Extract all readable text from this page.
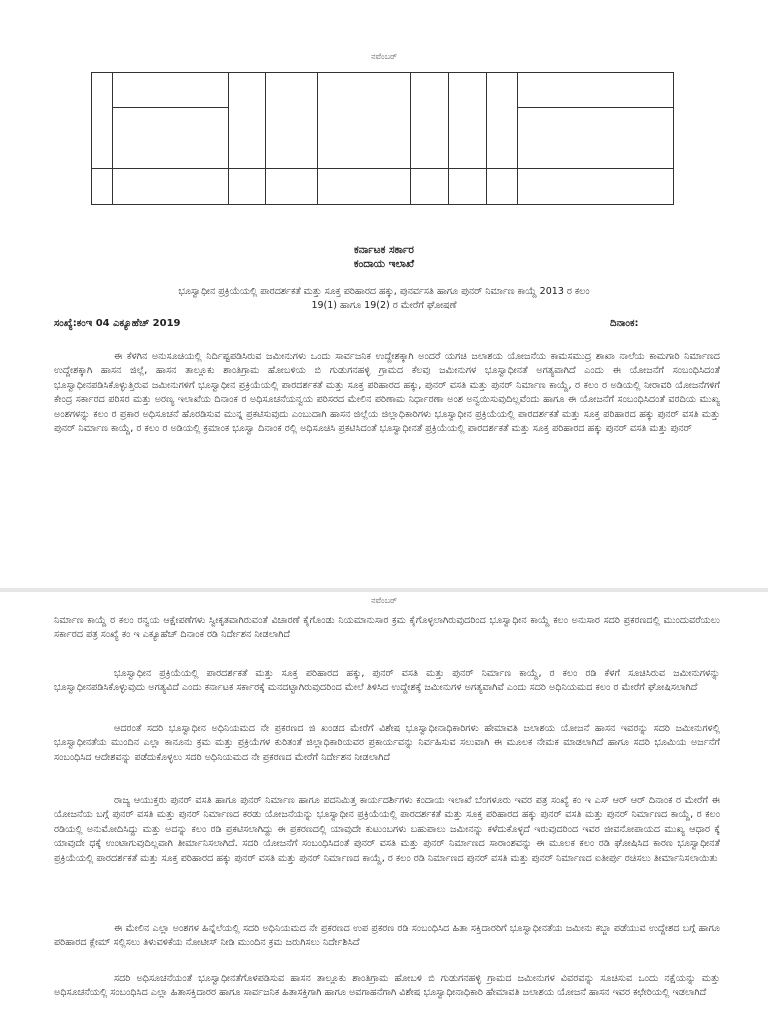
ನವೆಂಬರ್
ಕರ್ನಾಟಕ ಸರ್ಕಾರ
ಕಂದಾಯ ಇಲಾಖೆ
ಭೂಸ್ವಾಧೀನ ಪ್ರಕ್ರಿಯೆಯಲ್ಲಿ ಪಾರದರ್ಶಕತೆ ಮತ್ತು ಸೂಕ್ತ ಪರಿಹಾರದ ಹಕ್ಕು, ಪುನರ್ವಸತಿ ಹಾಗೂ ಪುನರ್ ನಿರ್ಮಾಣ ಕಾಯ್ದೆ 2013 ರ ಕಲಂ
19(1) ಹಾಗೂ 19(2) ರ ಮೇರೆಗೆ ಘೋಷಣೆ
ಸಂಖ್ಯೆ:ಕಂಇ 04 ಎಕ್ಯೂಹೆಚ್ 2019	ದಿನಾಂಕ:

ಈ ಕೆಳಗಿನ ಅನುಸೂಚಿಯಲ್ಲಿ ನಿರ್ದಿಷ್ಟಪಡಿಸಿರುವ ಜಮೀನುಗಳು ಒಂದು ಸಾರ್ವಜನಿಕ ಉದ್ದೇಶಕ್ಕಾಗಿ ಅಂದರೆ ಯಗಚಿ ಜಲಾಶಯ ಯೋಜನೆಯ ಕಾಮಸಮುದ್ರ ಶಾಖಾ ನಾಲೆಯ ಕಾಮಗಾರಿ ನಿರ್ಮಾಣದ ಉದ್ದೇಶಕ್ಕಾಗಿ ಹಾಸನ ಜಿಲ್ಲೆ, ಹಾಸನ ತಾಲ್ಲೂಕು ಶಾಂತಿಗ್ರಾಮ ಹೋಬಳಿಯ ಬಿ ಗುಡುಗನಹಳ್ಳಿ ಗ್ರಾಮದ ಕೆಲವು ಜಮೀನುಗಳ ಭೂಸ್ವಾಧೀನತೆ ಅಗತ್ಯವಾಗಿದೆ ಎಂದು ಈ ಯೋಜನೆಗೆ ಸಂಬಂಧಿಸಿದಂತೆ ಭೂಸ್ವಾಧೀನಪಡಿಸಿಕೊಳ್ಳುತ್ತಿರುವ ಜಮೀನುಗಳಿಗೆ ಭೂಸ್ವಾಧೀನ ಪ್ರಕ್ರಿಯೆಯಲ್ಲಿ ಪಾರದರ್ಶಕತೆ ಮತ್ತು ಸೂಕ್ತ ಪರಿಹಾರದ ಹಕ್ಕು, ಪುನರ್ ವಸತಿ ಮತ್ತು ಪುನರ್ ನಿರ್ಮಾಣ ಕಾಯ್ದೆ, ರ ಕಲಂ ರ ಅಡಿಯಲ್ಲಿ ನೀರಾವರಿ ಯೋಜನೆಗಳಿಗೆ ಕೇಂದ್ರ ಸರ್ಕಾರದ ಪರಿಸರ ಮತ್ತು ಅರಣ್ಯ ಇಲಾಖೆಯ ದಿನಾಂಕ ರ ಅಧಿಸೂಚನೆಯನ್ವಯ ಪರಿಸರದ ಮೇಲಿನ ಪರಿಣಾಮ ನಿರ್ಧಾರಣಾ ಅಂಶ ಅನ್ವಯಿಸುವುದಿಲ್ಲವೆಂದು ಹಾಗೂ ಈ ಯೋಜನೆಗೆ ಸಂಬಂಧಿಸಿದಂತೆ ವರದಿಯ ಮುಖ್ಯ ಅಂಶಗಳನ್ನು ಕಲಂ ರ ಪ್ರಕಾರ ಅಧಿಸೂಚನೆ ಹೊರಡಿಸುವ ಮುನ್ನ ಪ್ರಕಟಿಸುವುದು ಎಂಬುದಾಗಿ ಹಾಸನ ಜಿಲ್ಲೆಯ ಜಿಲ್ಲಾಧಿಕಾರಿಗಳು ಭೂಸ್ವಾಧೀನ ಪ್ರಕ್ರಿಯೆಯಲ್ಲಿ ಪಾರದರ್ಶಕತೆ ಮತ್ತು ಸೂಕ್ತ ಪರಿಹಾರದ ಹಕ್ಕು ಪುನರ್ ವಸತಿ ಮತ್ತು ಪುನರ್ ನಿರ್ಮಾಣ ಕಾಯ್ದೆ, ರ ಕಲಂ ರ ಅಡಿಯಲ್ಲಿ ಕ್ರಮಾಂಕ ಭೂಸ್ವಾ ದಿನಾಂಕ ರಲ್ಲಿ ಅಧಿಸೂಚಿಸಿ ಪ್ರಕಟಿಸಿದಂತೆ ಭೂಸ್ವಾಧೀನತೆ ಪ್ರಕ್ರಿಯೆಯಲ್ಲಿ ಪಾರದರ್ಶಕತೆ ಮತ್ತು ಸೂಕ್ತ ಪರಿಹಾರದ ಹಕ್ಕು ಪುನರ್ ವಸತಿ ಮತ್ತು ಪುನರ್

ನವೆಂಬರ್

ನಿರ್ಮಾಣ ಕಾಯ್ದೆ ರ ಕಲಂ ರನ್ವಯ ಆಕ್ಷೇಪಣೆಗಳು ಸ್ವೀಕೃತವಾಗಿರುವಂತೆ ವಿಚಾರಣೆ ಕೈಗೊಂಡು ನಿಯಮಾನುಸಾರ ಕ್ರಮ ಕೈಗೊಳ್ಳಲಾಗಿರುವುದರಿಂದ ಭೂಸ್ವಾಧೀನ ಕಾಯ್ದೆ ಕಲಂ ಅನುಸಾರ ಸದರಿ ಪ್ರಕರಣದಲ್ಲಿ ಮುಂದುವರೆಯಲು ಸರ್ಕಾರದ ಪತ್ರ ಸಂಖ್ಯೆ ಕಂ ಇ ಎಕ್ಯೂಹೆಚ್ ದಿನಾಂಕ ರಡಿ ನಿರ್ದೇಶನ ನೀಡಲಾಗಿದೆ

ಭೂಸ್ವಾಧೀನ ಪ್ರಕ್ರಿಯೆಯಲ್ಲಿ ಪಾರದರ್ಶಕತೆ ಮತ್ತು ಸೂಕ್ತ ಪರಿಹಾರದ ಹಕ್ಕು, ಪುನರ್ ವಸತಿ ಮತ್ತು ಪುನರ್ ನಿರ್ಮಾಣ ಕಾಯ್ದೆ, ರ ಕಲಂ ರಡಿ ಕೆಳಗೆ ಸೂಚಿಸಿರುವ ಜಮೀನುಗಳನ್ನು ಭೂಸ್ವಾಧೀನಪಡಿಸಿಕೊಳ್ಳುವುದು ಅಗತ್ಯವಿದೆ ಎಂದು ಕರ್ನಾಟಕ ಸರ್ಕಾರಕ್ಕೆ ಮನದಟ್ಟಾಗಿರುವುದರಿಂದ ಮೇಲೆ ತಿಳಿಸಿದ ಉದ್ದೇಶಕ್ಕೆ ಜಮೀನುಗಳ ಅಗತ್ಯವಾಗಿವೆ ಎಂದು ಸದರಿ ಅಧಿನಿಯಮದ ಕಲಂ ರ ಮೇರೆಗೆ ಘೋಷಿಸಲಾಗಿದೆ

ಆದರಂತೆ ಸದರಿ ಭೂಸ್ವಾಧೀನ ಅಧಿನಿಯಮದ ನೇ ಪ್ರಕರಣದ ಜಿ ಖಂಡದ ಮೇರೆಗೆ ವಿಶೇಷ ಭೂಸ್ವಾಧೀನಾಧಿಕಾರಿಗಳು ಹೇಮಾವತಿ ಜಲಾಶಯ ಯೋಜನೆ ಹಾಸನ ಇವರನ್ನು ಸದರಿ ಜಮೀನುಗಳಲ್ಲಿ ಭೂಸ್ವಾಧೀನತೆಯ ಮುಂದಿನ ಎಲ್ಲಾ ಕಾನೂನು ಕ್ರಮ ಮತ್ತು ಪ್ರಕ್ರಿಯೆಗಳ ಕುರಿತಂತೆ ಜಿಲ್ಲಾಧಿಕಾರಿಯವರ ಪ್ರಕಾರ್ಯವನ್ನು ನಿರ್ವಹಿಸುವ ಸಲುವಾಗಿ ಈ ಮೂಲಕ ನೇಮಕ ಮಾಡಲಾಗಿದೆ ಹಾಗೂ ಸದರಿ ಭೂಮಿಯ ಅರ್ಜನೆಗೆ ಸಂಬಂಧಿಸಿದ ಆದೇಶವನ್ನು ಪಡೆದುಕೊಳ್ಳಲು ಸದರಿ ಅಧಿನಿಯಮದ ನೇ ಪ್ರಕರಣದ ಮೇರೆಗೆ ನಿರ್ದೇಶನ ನೀಡಲಾಗಿದೆ

ರಾಜ್ಯ ಆಯುಕ್ತರು ಪುನರ್ ವಸತಿ ಹಾಗೂ ಪುನರ್ ನಿರ್ಮಾಣ ಹಾಗೂ ಪದನಿಮಿತ್ತ ಕಾರ್ಯದರ್ಶಿಗಳು ಕಂದಾಯ ಇಲಾಖೆ ಬೆಂಗಳೂರು ಇವರ ಪತ್ರ ಸಂಖ್ಯೆ ಕಂ ಇ ಎಸ್ ಆರ್ ಆರ್ ದಿನಾಂಕ ರ ಮೇರೆಗೆ ಈ ಯೋಜನೆಯ ಬಗ್ಗೆ ಪುನರ್ ವಸತಿ ಮತ್ತು ಪುನರ್ ನಿರ್ಮಾಣದ ಕರಡು ಯೋಜನೆಯನ್ನು ಭೂಸ್ವಾಧೀನ ಪ್ರಕ್ರಿಯೆಯಲ್ಲಿ ಪಾರದರ್ಶಕತೆ ಮತ್ತು ಸೂಕ್ತ ಪರಿಹಾರದ ಹಕ್ಕು ಪುನರ್ ವಸತಿ ಮತ್ತು ಪುನರ್ ನಿರ್ಮಾಣದ ಕಾಯ್ದೆ, ರ ಕಲಂ ರಡಿಯಲ್ಲಿ ಅನುಮೋದಿಸಿದ್ದು ಮತ್ತು ಅದನ್ನು ಕಲಂ ರಡಿ ಪ್ರಕಟಿಸಲಾಗಿದ್ದು ಈ ಪ್ರಕರಣದಲ್ಲಿ ಯಾವುದೇ ಕುಟುಂಬಗಳು ಬಹುಪಾಲು ಜಮೀನನ್ನು ಕಳೆದುಕೊಳ್ಳದೆ ಇರುವುದರಿಂದ ಇವರ ಜೀವನೋಪಾಯದ ಮುಖ್ಯ ಆಧಾರ ಕ್ಕೆ ಯಾವುದೇ ಧಕ್ಕೆ ಉಂಟಾಗುವುದಿಲ್ಲವಾಗಿ ತೀರ್ಮಾನಿಸಲಾಗಿದೆ. ಸದರಿ ಯೋಜನೆಗೆ ಸಂಬಂಧಿಸಿದಂತೆ ಪುನರ್ ವಸತಿ ಮತ್ತು ಪುನರ್ ನಿರ್ಮಾಣದ ಸಾರಾಂಶವನ್ನು ಈ ಮೂಲಕ ಕಲಂ ರಡಿ ಘೋಷಿಸಿದ ಕಾರಣ ಭೂಸ್ವಾಧೀನತೆ ಪ್ರಕ್ರಿಯೆಯಲ್ಲಿ ಪಾರದರ್ಶಕತೆ ಮತ್ತು ಸೂಕ್ತ ಪರಿಹಾರದ ಹಕ್ಕು ಪುನರ್ ವಸತಿ ಮತ್ತು ಪುನರ್ ನಿರ್ಮಾಣದ ಕಾಯ್ದೆ, ರ ಕಲಂ ರಡಿ ನಿರ್ಮಾಣದ ಪುನರ್ ವಸತಿ ಮತ್ತು ಪುನರ್ ನಿರ್ಮಾಣದ ಐತೀರ್ಪು ರಚಿಸಲು ತೀರ್ಮಾನಿಸಲಾಯಿತು

ಈ ಮೇಲಿನ ಎಲ್ಲಾ ಅಂಶಗಳ ಹಿನ್ನೆಲೆಯಲ್ಲಿ ಸದರಿ ಅಧಿನಿಯಮದ ನೇ ಪ್ರಕರಣದ ಉಪ ಪ್ರಕರಣ ರಡಿ ಸಂಬಂಧಿಸಿದ ಹಿತಾ ಸಕ್ತಿದಾರರಿಗೆ ಭೂಸ್ವಾಧೀನತೆಯ ಜಮೀನು ಕಬ್ಜಾ ಪಡೆಯುವ ಉದ್ದೇಶದ ಬಗ್ಗೆ ಹಾಗೂ ಪರಿಹಾರದ ಕ್ಲೇಮ್ ಸಲ್ಲಿಸಲು ತಿಳುವಳಿಕೆಯ ನೋಟೀಸ್ ನೀಡಿ ಮುಂದಿನ ಕ್ರಮ ಜರುಗಿಸಲು ನಿರ್ದೇಶಿಸಿದೆ

ಸದರಿ ಅಧಿಸೂಚನೆಯಂತೆ ಭೂಸ್ವಾಧೀನತೆಗೊಳಪಡಿಸುವ ಹಾಸನ ತಾಲ್ಲೂಕು ಶಾಂತಿಗ್ರಾಮ ಹೋಬಳಿ ಬಿ ಗುಡುಗನಹಳ್ಳಿ ಗ್ರಾಮದ ಜಮೀನುಗಳ ವಿವರವನ್ನು ಸೂಚಿಸುವ ಒಂದು ನಕ್ಷೆಯನ್ನು ಮತ್ತು ಅಧಿಸೂಚನೆಯಲ್ಲಿ ಸಂಬಂಧಿಸಿದ ಎಲ್ಲಾ ಹಿತಾಸಕ್ತಿದಾರರ ಹಾಗೂ ಸಾರ್ವಜನಿಕ ಹಿತಾಸಕ್ತಿಗಾಗಿ ಹಾಗೂ ಅವಗಾಹನೆಗಾಗಿ ವಿಶೇಷ ಭೂಸ್ವಾಧೀನಾಧಿಕಾರಿ ಹೇಮಾವತಿ ಜಲಾಶಯ ಯೋಜನೆ ಹಾಸನ ಇವರ ಕಛೇರಿಯಲ್ಲಿ ಇಡಲಾಗಿದೆ
